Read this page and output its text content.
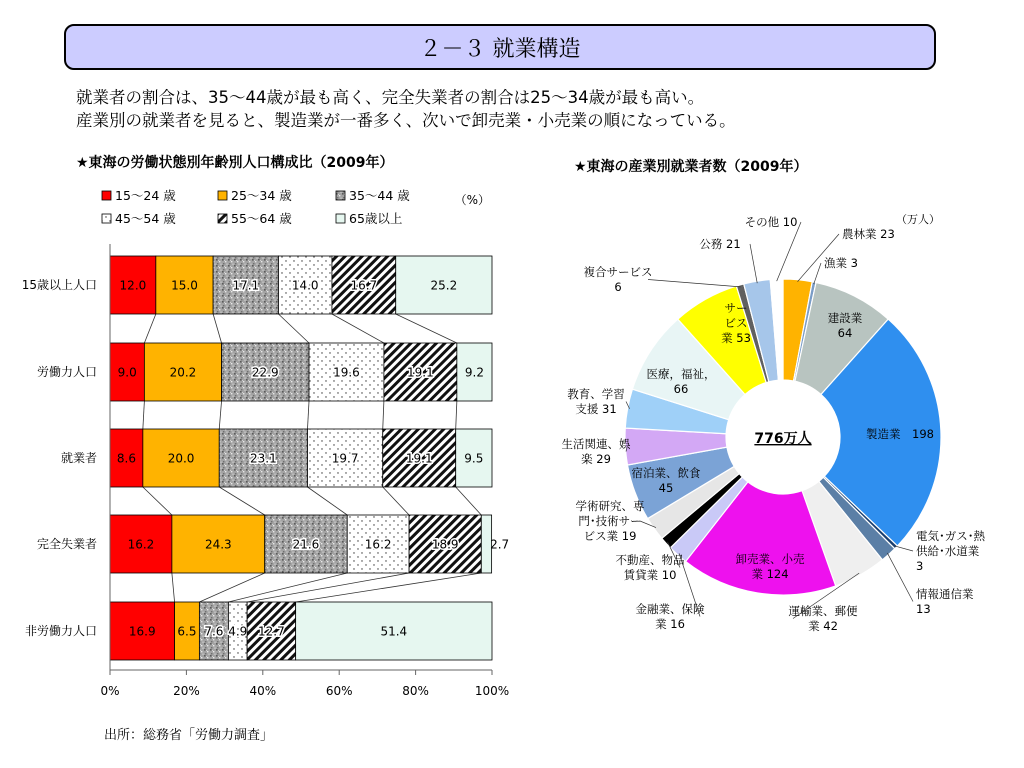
２－３ 就業構造
就業者の割合は、35～44歳が最も高く、完全失業者の割合は25～34歳が最も高い。
産業別の就業者を見ると、製造業が一番多く、次いで卸売業・小売業の順になっている。
★東海の労働状態別年齢別人口構成比（2009年）	★東海の産業別就業者数（2009年）
15～24 歳	25～34 歳	35～44 歳
45～54 歳	55～64 歳	65歳以上
（%）
15歳以上人口 12.0 15.0	17.1	14.0	16.7	25.2
労働力人口 9.0	20.2	22.9	19.6	19.1	9.2
就業者 8.6	20.0	23.1	19.7	19.1	9.5
完全失業者	16.2	24.3	21.6	16.2	18.9	2.7
非労働力人口	16.9 6.5 7.6 4.9 12.7	51.4
0%	20%	40%	60%	80%	100%
農林業 23
漁業 3
建設業 64
製造業　198
電気･ガス･熱供給･水道業 3
情報通信業 13
運輸業、郵便業 42
卸売業、小売業 124
金融業、保険業 16
不動産、物品賃貸業 10
学術研究、専門･技術サービス業 19
宿泊業、飲食 45
生活関連、娯楽 29
教育、学習支援 31
医療，福祉， 66
サービス業 53
複合サービス 6
公務 21
その他 10	（万人）
776万人
出所：総務省「労働力調査」
